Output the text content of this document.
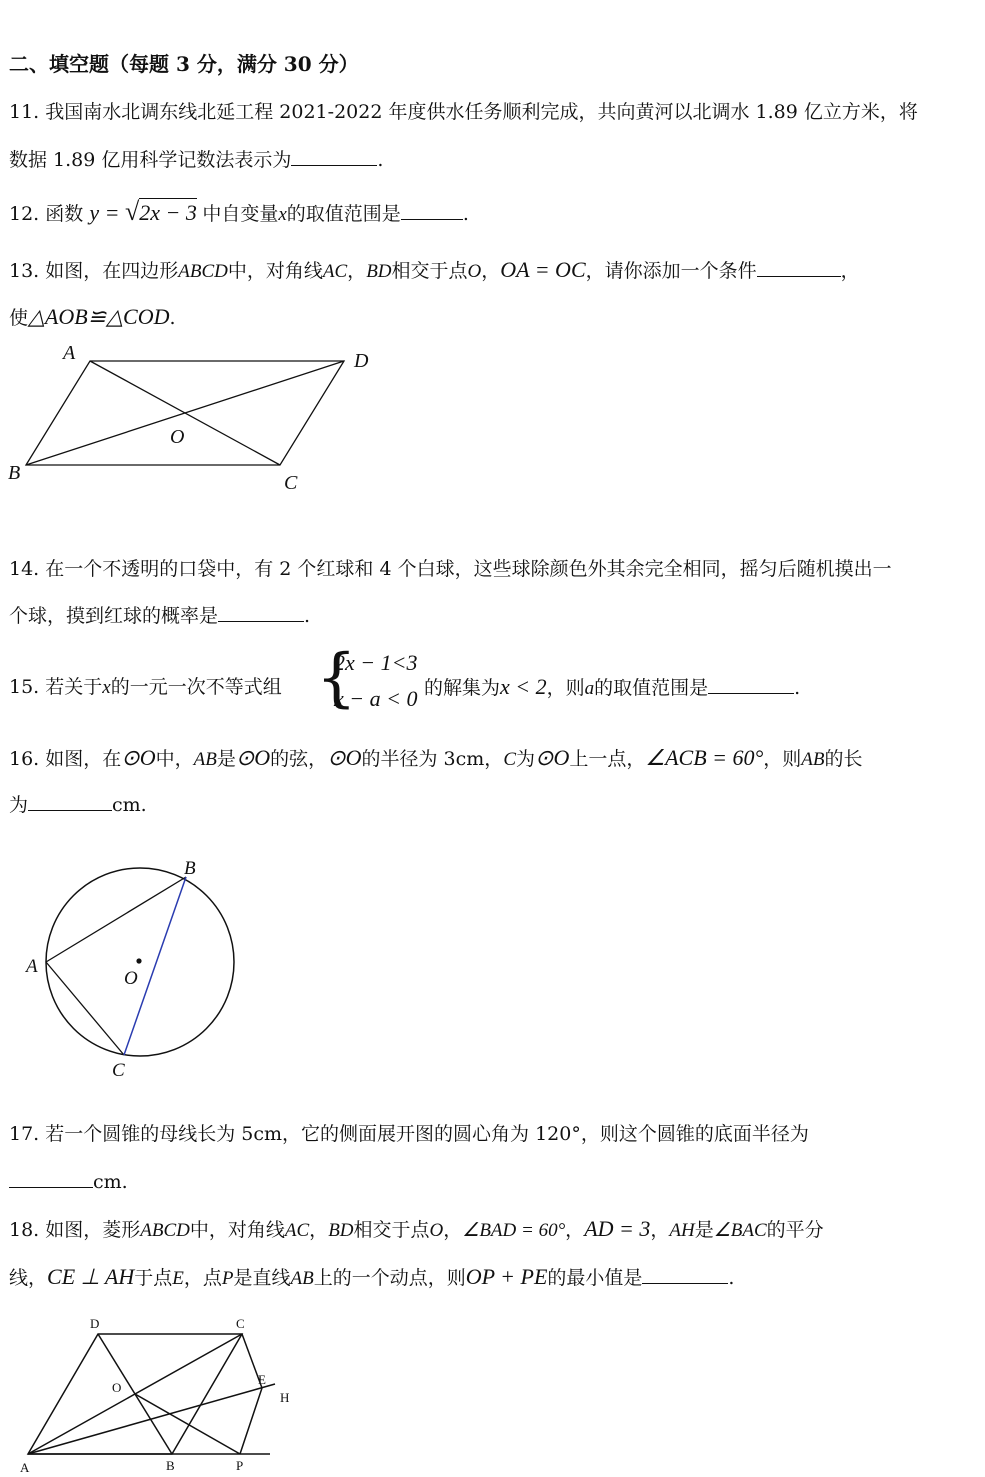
二、填空题（每题 3 分，满分 30 分）
11. 我国南水北调东线北延工程 2021-2022 年度供水任务顺利完成，共向黄河以北调水 1.89 亿立方米，将
数据 1.89 亿用科学记数法表示为	.
12. 函数 y = √2x − 3 中自变量x的取值范围是	.
13. 如图，在四边形ABCD中，对角线AC，BD相交于点O，OA = OC，请你添加一个条件	，
使△AOB≌△COD.
A	D
O
B	C
14. 在一个不透明的口袋中，有 2 个红球和 4 个白球，这些球除颜色外其余完全相同，摇匀后随机摸出一
个球，摸到红球的概率是	.
15. 若关于x的一元一次不等式组 {
2x − 1<3
x − a < 0 的解集为x < 2，则a的取值范围是	.
16. 如图，在⊙O中，AB是⊙O的弦，⊙O的半径为 3cm，C为⊙O上一点，∠ACB = 60°，则AB的长
为	cm.
B
A
O
C
17. 若一个圆锥的母线长为 5cm，它的侧面展开图的圆心角为 120°，则这个圆锥的底面半径为
cm.
18. 如图，菱形ABCD中，对角线AC，BD相交于点O，∠BAD = 60°，AD = 3，AH是∠BAC的平分
线，CE ⊥ AH于点E，点P是直线AB上的一个动点，则OP + PE的最小值是	.
D	C
O
E
H
A	B	P
